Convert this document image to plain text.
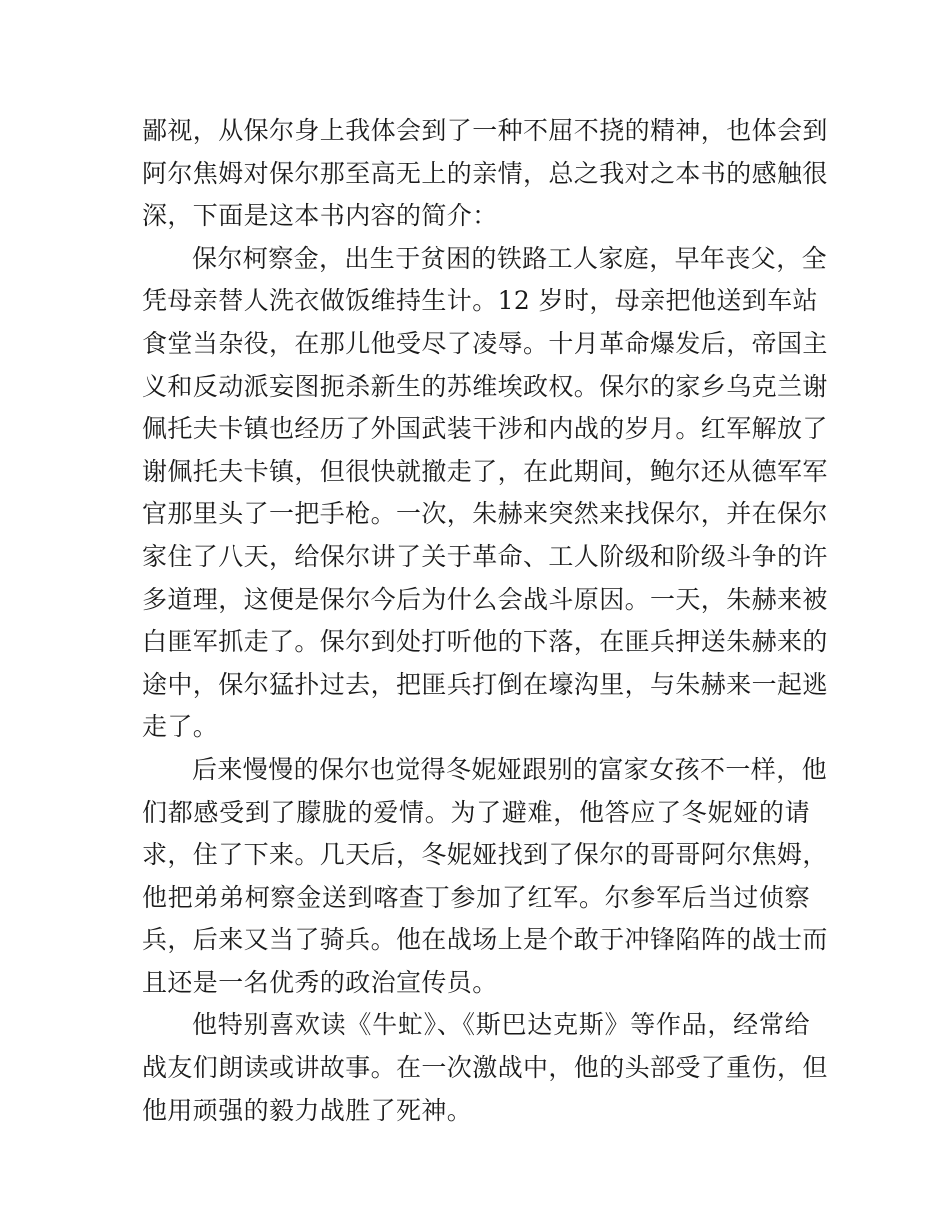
鄙视，从保尔身上我体会到了一种不屈不挠的精神，也体会到
阿尔焦姆对保尔那至高无上的亲情，总之我对之本书的感触很
深，下面是这本书内容的简介：
保尔柯察金，出生于贫困的铁路工人家庭，早年丧父，全
凭母亲替人洗衣做饭维持生计。12 岁时，母亲把他送到车站
食堂当杂役，在那儿他受尽了凌辱。十月革命爆发后，帝国主
义和反动派妄图扼杀新生的苏维埃政权。保尔的家乡乌克兰谢
佩托夫卡镇也经历了外国武装干涉和内战的岁月。红军解放了
谢佩托夫卡镇，但很快就撤走了，在此期间，鲍尔还从德军军
官那里头了一把手枪。一次，朱赫来突然来找保尔，并在保尔
家住了八天，给保尔讲了关于革命、工人阶级和阶级斗争的许
多道理，这便是保尔今后为什么会战斗原因。一天，朱赫来被
白匪军抓走了。保尔到处打听他的下落，在匪兵押送朱赫来的
途中，保尔猛扑过去，把匪兵打倒在壕沟里，与朱赫来一起逃
走了。
后来慢慢的保尔也觉得冬妮娅跟别的富家女孩不一样，他
们都感受到了朦胧的爱情。为了避难，他答应了冬妮娅的请
求，住了下来。几天后，冬妮娅找到了保尔的哥哥阿尔焦姆，
他把弟弟柯察金送到喀查丁参加了红军。尔参军后当过侦察
兵，后来又当了骑兵。他在战场上是个敢于冲锋陷阵的战士而
且还是一名优秀的政治宣传员。
他特别喜欢读《牛虻》、《斯巴达克斯》等作品，经常给
战友们朗读或讲故事。在一次激战中，他的头部受了重伤，但
他用顽强的毅力战胜了死神。
